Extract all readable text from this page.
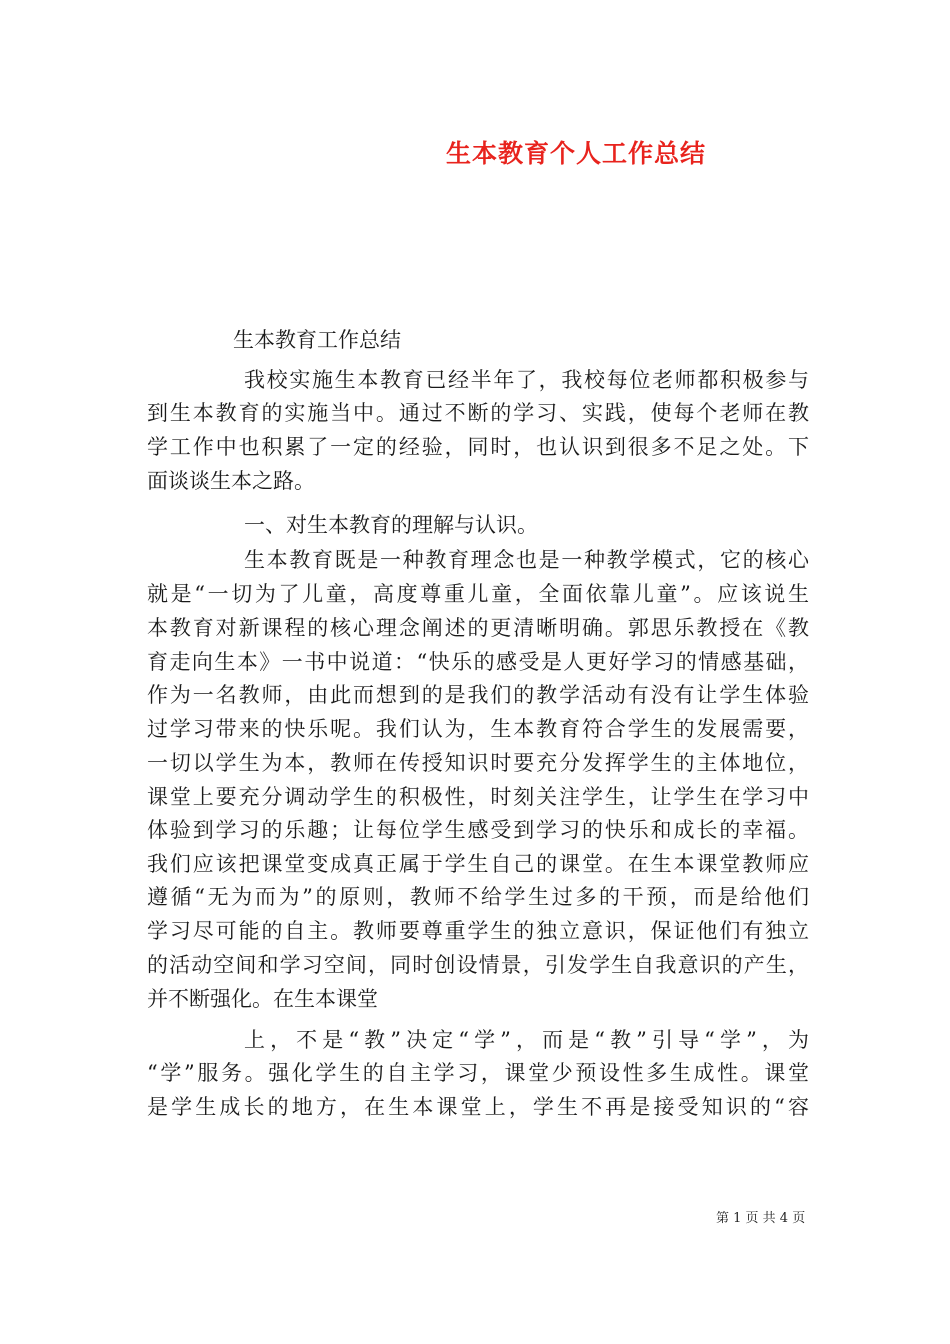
生本教育个人工作总结
生本教育工作总结
我校实施生本教育已经半年了，我校每位老师都积极参与
到生本教育的实施当中。通过不断的学习、实践，使每个老师在教
学工作中也积累了一定的经验，同时，也认识到很多不足之处。下
面谈谈生本之路。
一、对生本教育的理解与认识。
生本教育既是一种教育理念也是一种教学模式，它的核心
就是“一切为了儿童，高度尊重儿童，全面依靠儿童”。应该说生
本教育对新课程的核心理念阐述的更清晰明确。郭思乐教授在《教
育走向生本》一书中说道：“快乐的感受是人更好学习的情感基础，
作为一名教师，由此而想到的是我们的教学活动有没有让学生体验
过学习带来的快乐呢。我们认为，生本教育符合学生的发展需要，
一切以学生为本，教师在传授知识时要充分发挥学生的主体地位，
课堂上要充分调动学生的积极性，时刻关注学生，让学生在学习中
体验到学习的乐趣；让每位学生感受到学习的快乐和成长的幸福。
我们应该把课堂变成真正属于学生自己的课堂。在生本课堂教师应
遵循“无为而为”的原则，教师不给学生过多的干预，而是给他们
学习尽可能的自主。教师要尊重学生的独立意识，保证他们有独立
的活动空间和学习空间，同时创设情景，引发学生自我意识的产生，
并不断强化。在生本课堂
上，不是“教”决定“学”，而是“教”引导“学”，为
“学”服务。强化学生的自主学习，课堂少预设性多生成性。课堂
是学生成长的地方，在生本课堂上，学生不再是接受知识的“容
第 1 页 共 4 页
